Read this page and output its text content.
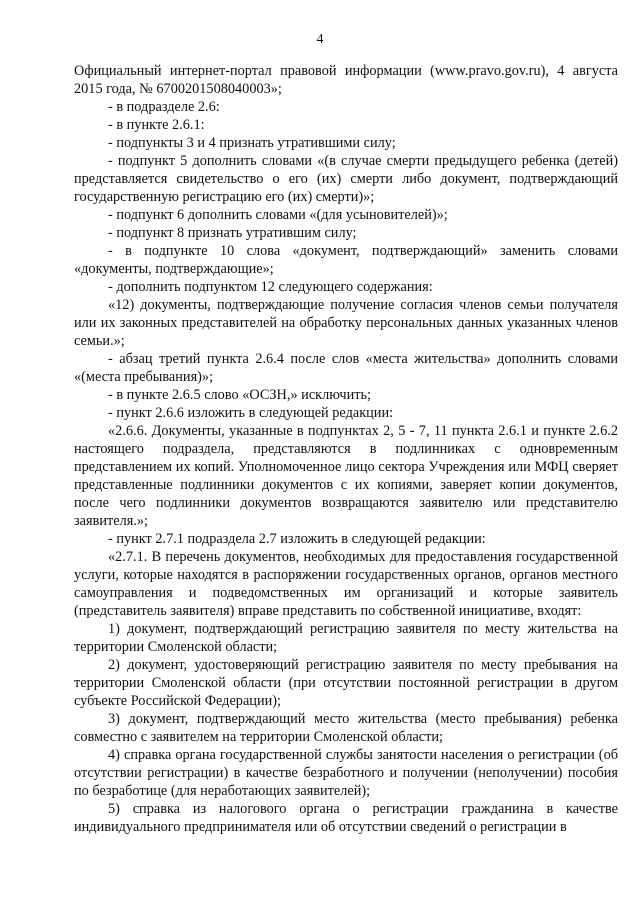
4

Официальный интернет-портал правовой информации (www.pravo.gov.ru), 4 августа 2015 года, № 6700201508040003»;

- в подразделе 2.6:

- в пункте 2.6.1:

- подпункты 3 и 4 признать утратившими силу;

- подпункт 5 дополнить словами «(в случае смерти предыдущего ребенка (детей) представляется свидетельство о его (их) смерти либо документ, подтверждающий государственную регистрацию его (их) смерти)»;

- подпункт 6 дополнить словами «(для усыновителей)»;

- подпункт 8 признать утратившим силу;

- в подпункте 10 слова «документ, подтверждающий» заменить словами «документы, подтверждающие»;

- дополнить подпунктом 12 следующего содержания:

«12) документы, подтверждающие получение согласия членов семьи получателя или их законных представителей на обработку персональных данных указанных членов семьи.»;

- абзац третий пункта 2.6.4 после слов «места жительства» дополнить словами «(места пребывания)»;

- в пункте 2.6.5 слово «ОСЗН,» исключить;

- пункт 2.6.6 изложить в следующей редакции:

«2.6.6. Документы, указанные в подпунктах 2, 5 - 7, 11 пункта 2.6.1 и пункте 2.6.2 настоящего подраздела, представляются в подлинниках с одновременным представлением их копий. Уполномоченное лицо сектора Учреждения или МФЦ сверяет представленные подлинники документов с их копиями, заверяет копии документов, после чего подлинники документов возвращаются заявителю или представителю заявителя.»;

- пункт 2.7.1 подраздела 2.7 изложить в следующей редакции:

«2.7.1. В перечень документов, необходимых для предоставления государственной услуги, которые находятся в распоряжении государственных органов, органов местного самоуправления и подведомственных им организаций и которые заявитель (представитель заявителя) вправе представить по собственной инициативе, входят:

1) документ, подтверждающий регистрацию заявителя по месту жительства на территории Смоленской области;

2) документ, удостоверяющий регистрацию заявителя по месту пребывания на территории Смоленской области (при отсутствии постоянной регистрации в другом субъекте Российской Федерации);

3) документ, подтверждающий место жительства (место пребывания) ребенка совместно с заявителем на территории Смоленской области;

4) справка органа государственной службы занятости населения о регистрации (об отсутствии регистрации) в качестве безработного и получении (неполучении) пособия по безработице (для неработающих заявителей);

5) справка из налогового органа о регистрации гражданина в качестве индивидуального предпринимателя или об отсутствии сведений о регистрации в
